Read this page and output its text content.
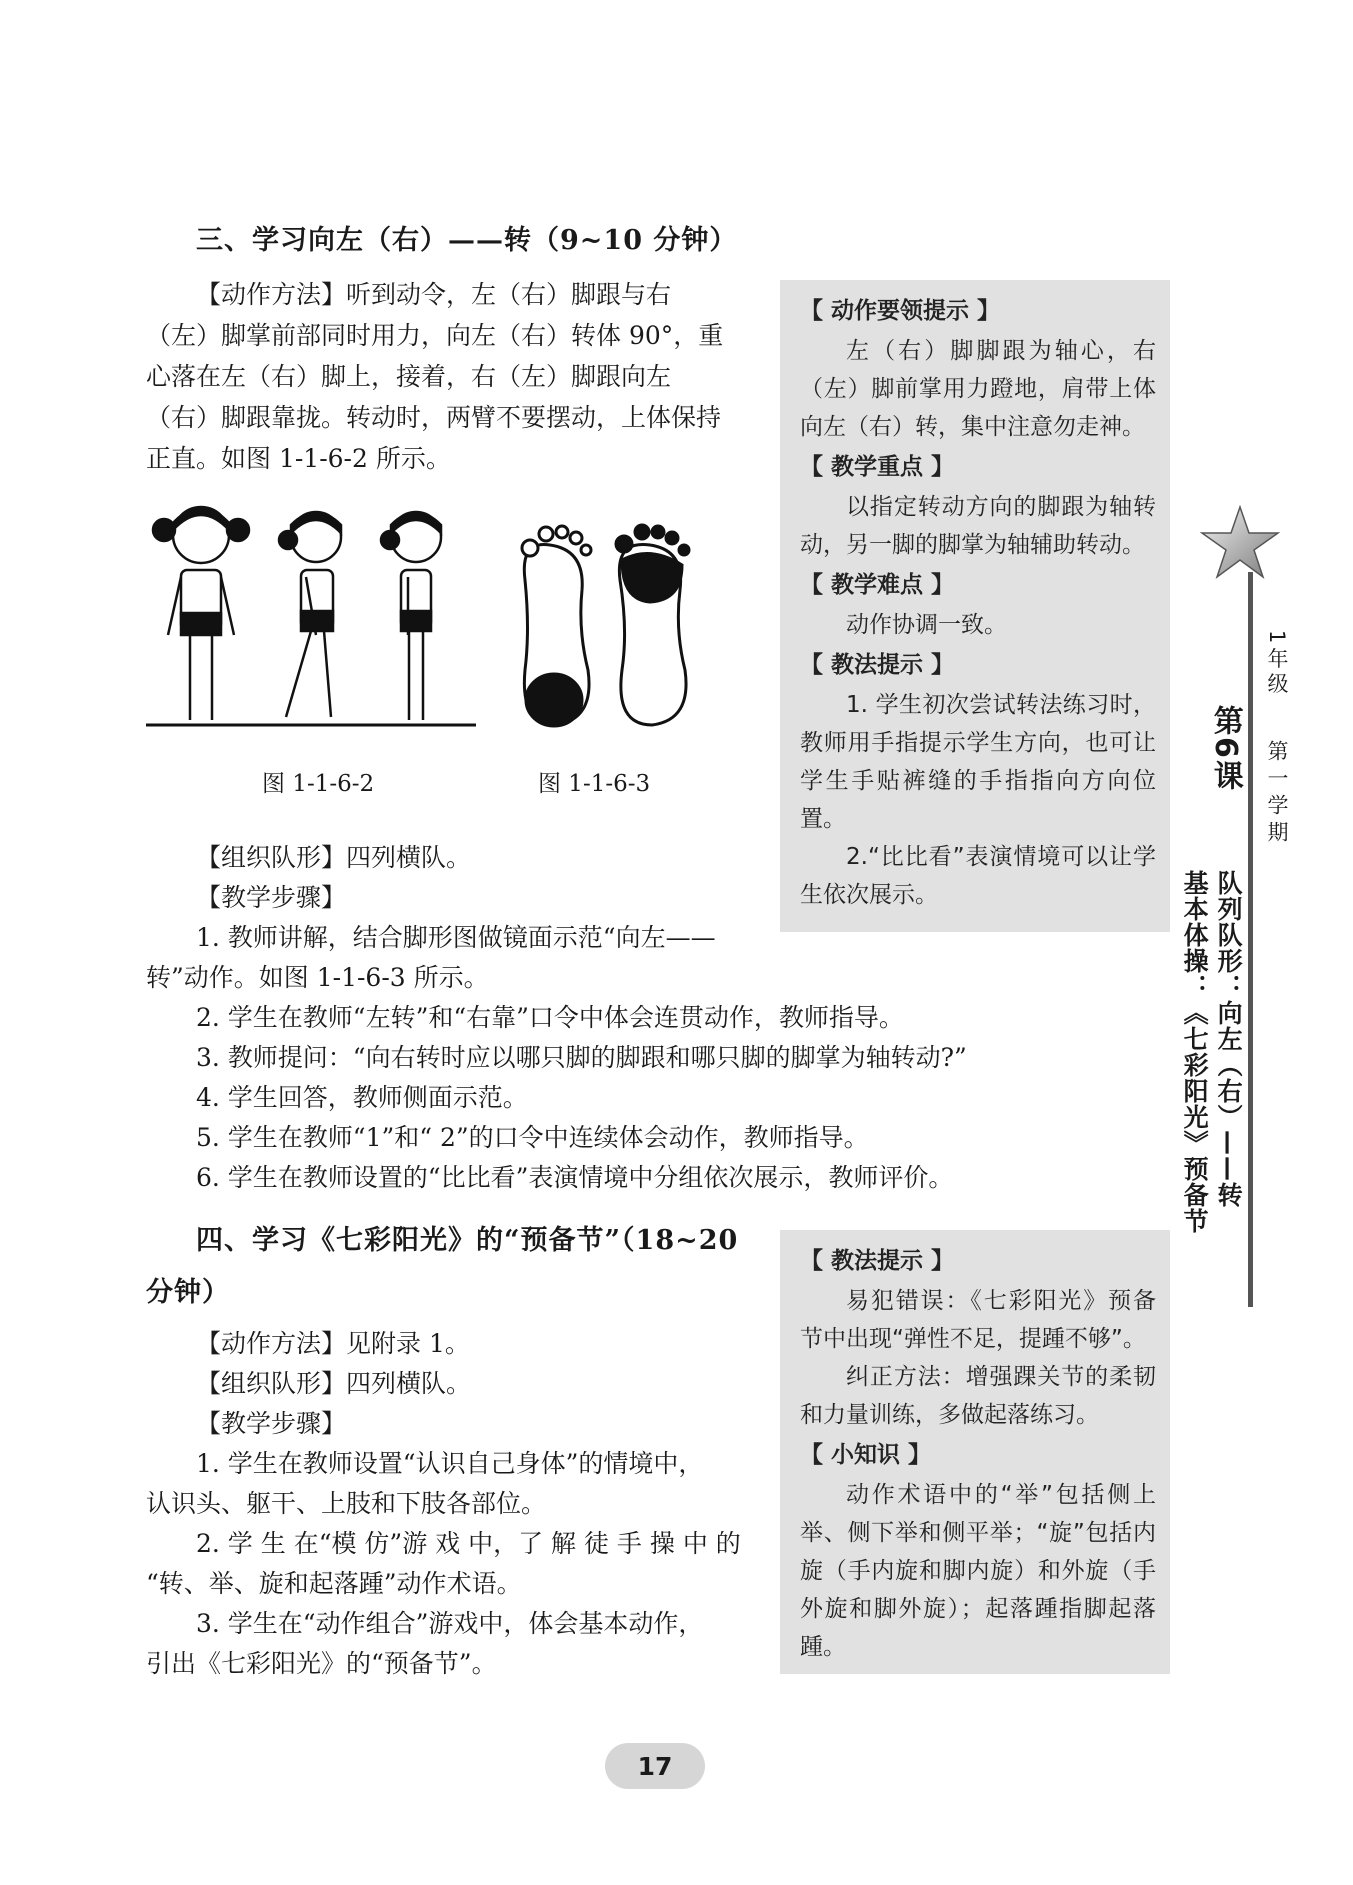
三、学习向左（右）——转（9~10 分钟）
【动作方法】听到动令，左（右）脚跟与右
（左）脚掌前部同时用力，向左（右）转体 90°，重
心落在左（右）脚上，接着，右（左）脚跟向左
（右）脚跟靠拢。转动时，两臂不要摆动，上体保持
正直。如图 1-1-6-2 所示。
图 1-1-6-2	图 1-1-6-3
【组织队形】四列横队。
【教学步骤】
1. 教师讲解，结合脚形图做镜面示范“向左——
转”动作。如图 1-1-6-3 所示。
2. 学生在教师“左转”和“右靠”口令中体会连贯动作，教师指导。
3. 教师提问：“向右转时应以哪只脚的脚跟和哪只脚的脚掌为轴转动?”
4. 学生回答，教师侧面示范。
5. 学生在教师“1”和“ 2”的口令中连续体会动作，教师指导。
6. 学生在教师设置的“比比看”表演情境中分组依次展示，教师评价。
四、学习《七彩阳光》的“预备节”（18~20
分钟）
【动作方法】见附录 1。
【组织队形】四列横队。
【教学步骤】
1. 学生在教师设置“认识自己身体”的情境中，
认识头、躯干、上肢和下肢各部位。
2. 学 生 在“模 仿”游 戏 中，了 解 徒 手 操 中 的
“转、举、旋和起落踵”动作术语。
3. 学生在“动作组合”游戏中，体会基本动作，
引出《七彩阳光》的“预备节”。
【 动作要领提示 】
左（右）脚脚跟为轴心，右（左）脚前掌用力蹬地，肩带上体向左（右）转，集中注意勿走神。
【 教学重点 】
以指定转动方向的脚跟为轴转动，另一脚的脚掌为轴辅助转动。
【 教学难点 】
动作协调一致。
【 教法提示 】
1. 学生初次尝试转法练习时，教师用手指提示学生方向，也可让学生手贴裤缝的手指指向方向位置。
2.“比比看”表演情境可以让学生依次展示。
【 教法提示 】
易犯错误：《七彩阳光》预备节中出现“弹性不足，提踵不够”。
纠正方法：增强踝关节的柔韧和力量训练，多做起落练习。
【 小知识 】
动作术语中的“举”包括侧上举、侧下举和侧平举；“旋”包括内旋（手内旋和脚内旋）和外旋（手外旋和脚外旋）；起落踵指脚起落踵。
1年级
第一学期
第6课
队列队形：向左（右）——转
基本体操：《七彩阳光》预备节
17
